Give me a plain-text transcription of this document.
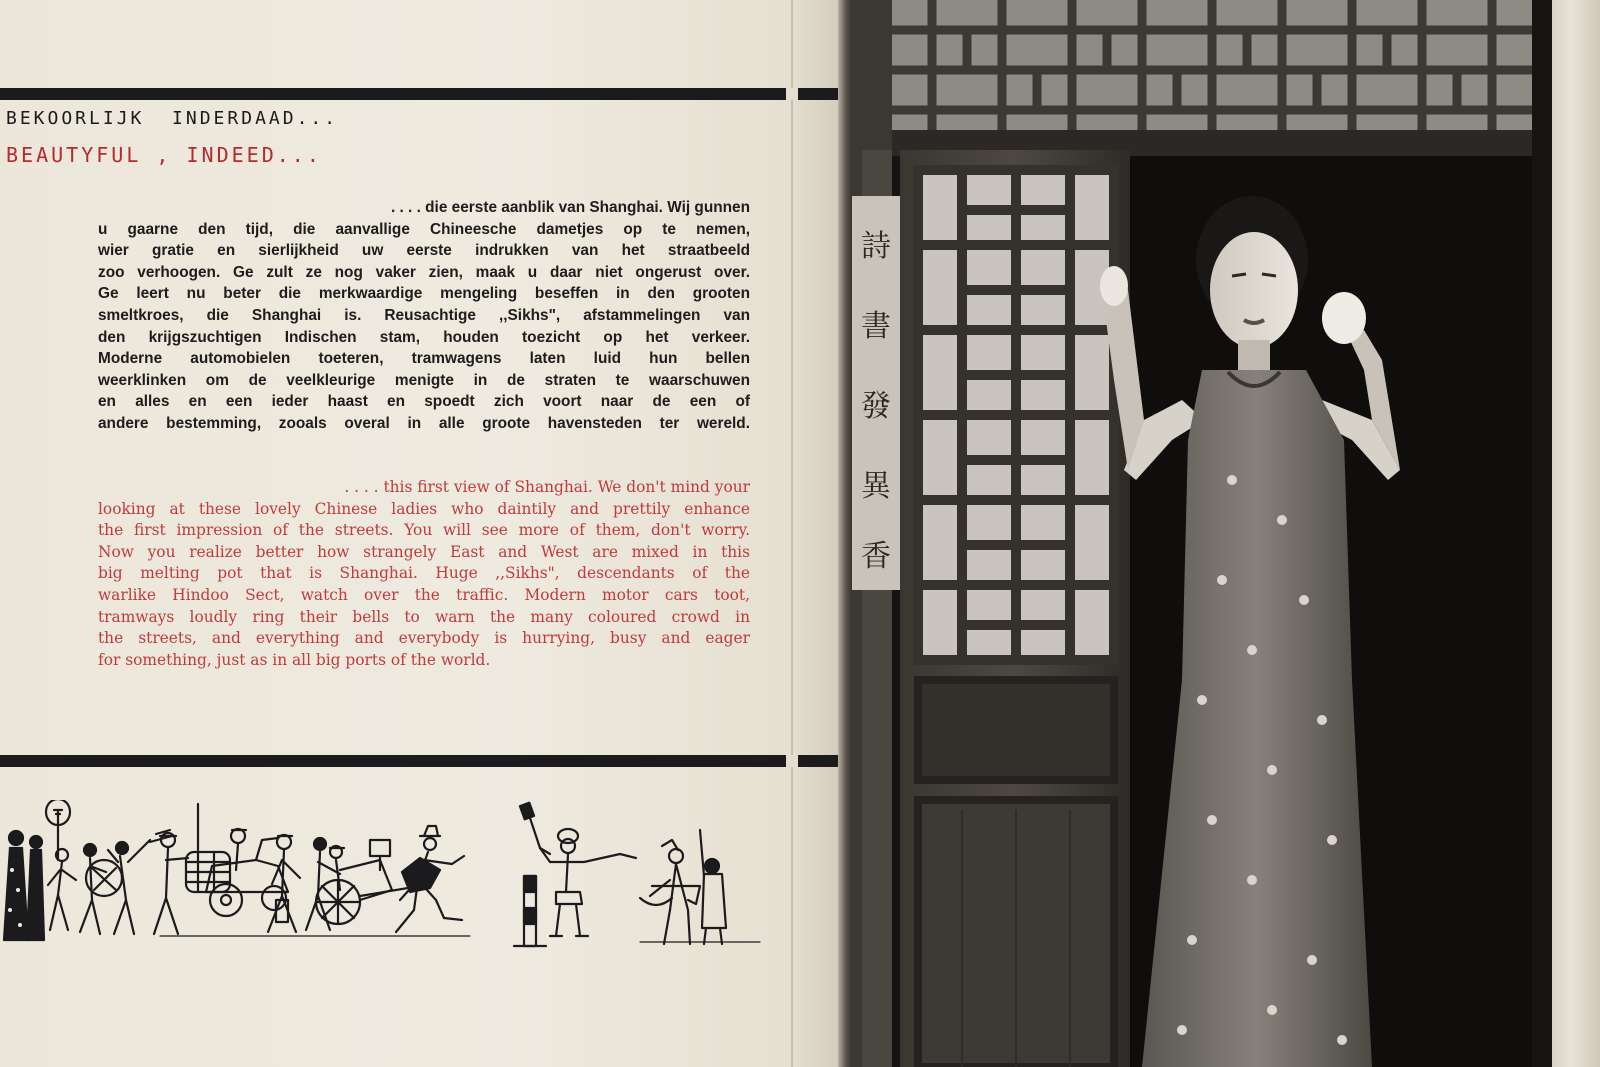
BEKOORLIJK  INDERDAAD...
BEAUTYFUL , INDEED...
. . . . die eerste aanblik van Shanghai. Wij gunnen
u gaarne den tijd, die aanvallige Chineesche dametjes op te nemen,
wier gratie en sierlijkheid uw eerste indrukken van het straatbeeld
zoo verhoogen. Ge zult ze nog vaker zien, maak u daar niet ongerust over.
Ge leert nu beter die merkwaardige mengeling beseffen in den grooten
smeltkroes, die Shanghai is. Reusachtige ,,Sikhs", afstammelingen van
den krijgszuchtigen Indischen stam, houden toezicht op het verkeer.
Moderne automobielen toeteren, tramwagens laten luid hun bellen
weerklinken om de veelkleurige menigte in de straten te waarschuwen
en alles en een ieder haast en spoedt zich voort naar de een of
andere bestemming, zooals overal in alle groote havensteden ter wereld.
. . . . this first view of Shanghai. We don't mind your
looking at these lovely Chinese ladies who daintily and prettily enhance
the first impression of the streets. You will see more of them, don't worry.
Now you realize better how strangely East and West are mixed in this
big melting pot that is Shanghai. Huge ,,Sikhs", descendants of the
warlike Hindoo Sect, watch over the traffic. Modern motor cars toot,
tramways loudly ring their bells to warn the many coloured crowd in
the streets, and everything and everybody is hurrying, busy and eager
for something, just as in all big ports of the world.
詩
書
發
異
香
